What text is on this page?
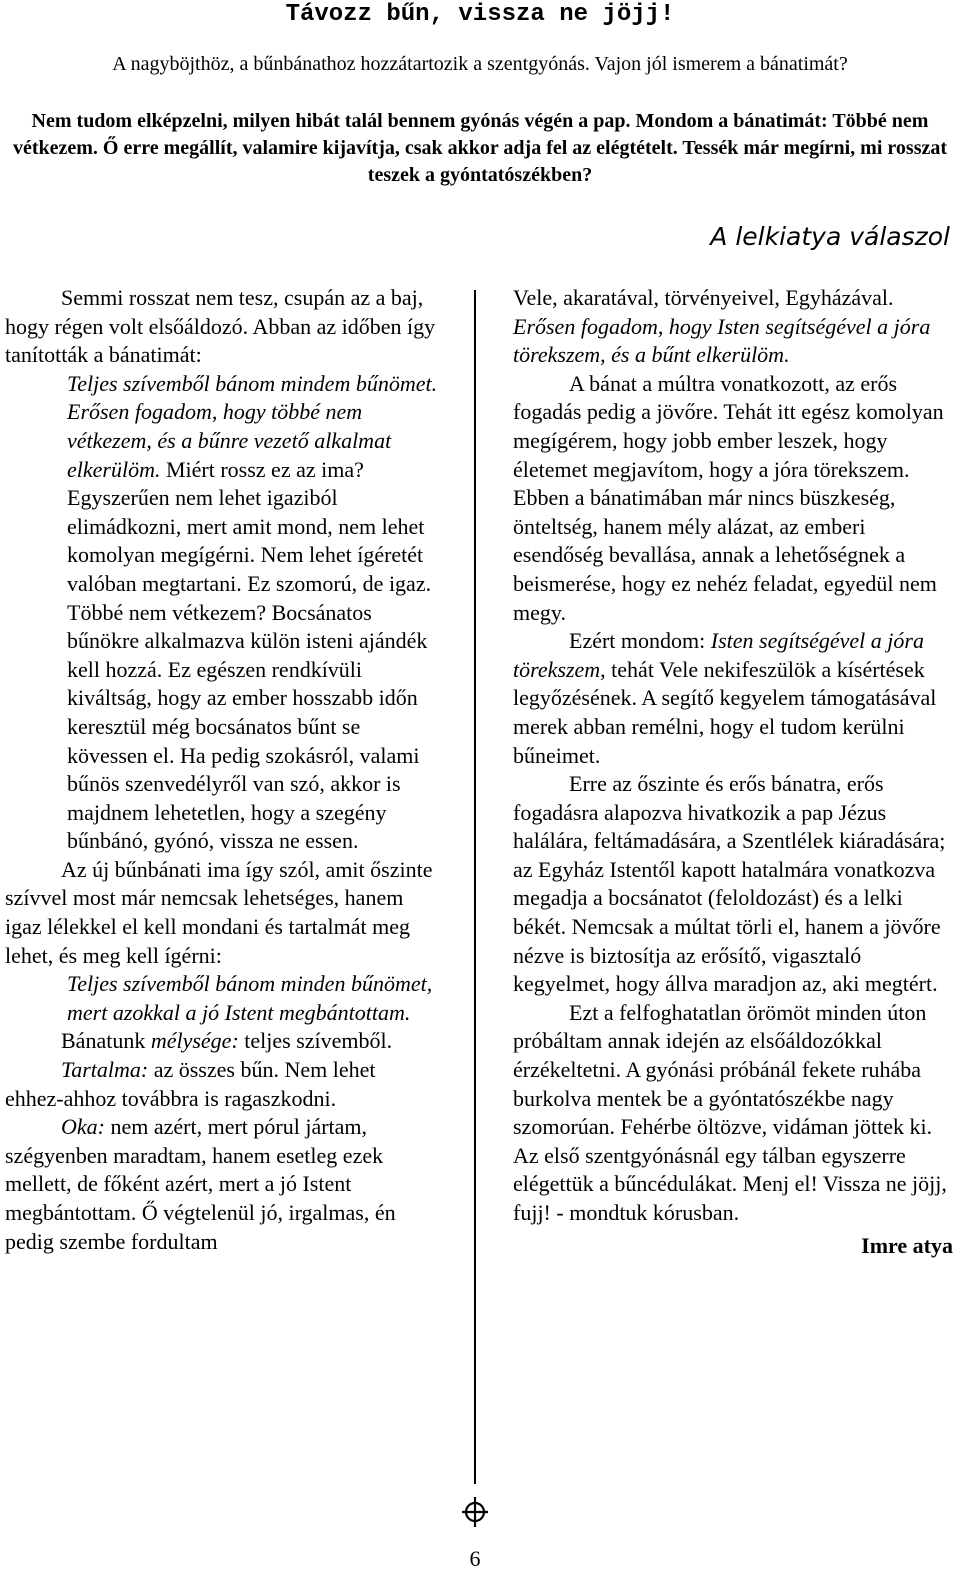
Távozz bűn, vissza ne jöjj!

A nagyböjthöz, a bűnbánathoz hozzátartozik a szentgyónás. Vajon jól ismerem a bánatimát?

Nem tudom elképzelni, milyen hibát talál bennem gyónás végén a pap. Mondom a bánatimát: Többé nem vétkezem. Ő erre megállít, valamire kijavítja, csak akkor adja fel az elégtételt. Tessék már megírni, mi rosszat teszek a gyóntatószékben?

A lelkiatya válaszol

Semmi rosszat nem tesz, csupán az a baj, hogy régen volt elsőáldozó. Abban az időben így tanították a bánatimát:

Teljes szívemből bánom mindem bűnömet. Erősen fogadom, hogy többé nem vétkezem, és a bűnre vezető alkalmat elkerülöm. Miért rossz ez az ima? Egyszerűen nem lehet igaziból elimádkozni, mert amit mond, nem lehet komolyan megígérni. Nem lehet ígéretét valóban megtartani. Ez szomorú, de igaz. Többé nem vétkezem? Bocsánatos bűnökre alkalmazva külön isteni ajándék kell hozzá. Ez egészen rendkívüli kiváltság, hogy az ember hosszabb időn keresztül még bocsánatos bűnt se kövessen el. Ha pedig szokásról, valami bűnös szenvedélyről van szó, akkor is majdnem lehetetlen, hogy a szegény bűnbánó, gyónó, vissza ne essen.

Az új bűnbánati ima így szól, amit őszinte szívvel most már nemcsak lehetséges, hanem igaz lélekkel el kell mondani és tartalmát meg lehet, és meg kell ígérni:

Teljes szívemből bánom minden bűnömet, mert azokkal a jó Istent megbántottam.

Bánatunk mélysége: teljes szívemből.

Tartalma: az összes bűn. Nem lehet ehhez-ahhoz továbbra is ragaszkodni.

Oka: nem azért, mert pórul jártam, szégyenben maradtam, hanem esetleg ezek mellett, de főként azért, mert a jó Istent megbántottam. Ő végtelenül jó, irgalmas, én pedig szembe fordultam

Vele, akaratával, törvényeivel, Egyházával. Erősen fogadom, hogy Isten segítségével a jóra törekszem, és a bűnt elkerülöm.

A bánat a múltra vonatkozott, az erős fogadás pedig a jövőre. Tehát itt egész komolyan megígérem, hogy jobb ember leszek, hogy életemet megjavítom, hogy a jóra törekszem. Ebben a bánatimában már nincs büszkeség, önteltség, hanem mély alázat, az emberi esendőség bevallása, annak a lehetőségnek a beismerése, hogy ez nehéz feladat, egyedül nem megy.

Ezért mondom: Isten segítségével a jóra törekszem, tehát Vele nekifeszülök a kísértések legyőzésének. A segítő kegyelem támogatásával merek abban remélni, hogy el tudom kerülni bűneimet.

Erre az őszinte és erős bánatra, erős fogadásra alapozva hivatkozik a pap Jézus halálára, feltámadására, a Szentlélek kiáradására; az Egyház Istentől kapott hatalmára vonatkozva megadja a bocsánatot (feloldozást) és a lelki békét. Nemcsak a múltat törli el, hanem a jövőre nézve is biztosítja az erősítő, vigasztaló kegyelmet, hogy állva maradjon az, aki megtért.

Ezt a felfoghatatlan örömöt minden úton próbáltam annak idején az elsőáldozókkal érzékeltetni. A gyónási próbánál fekete ruhába burkolva mentek be a gyóntatószékbe nagy szomorúan. Fehérbe öltözve, vidáman jöttek ki. Az első szentgyónásnál egy tálban egyszerre elégettük a bűncédulákat. Menj el! Vissza ne jöjj, fujj! - mondtuk kórusban.

Imre atya

6
